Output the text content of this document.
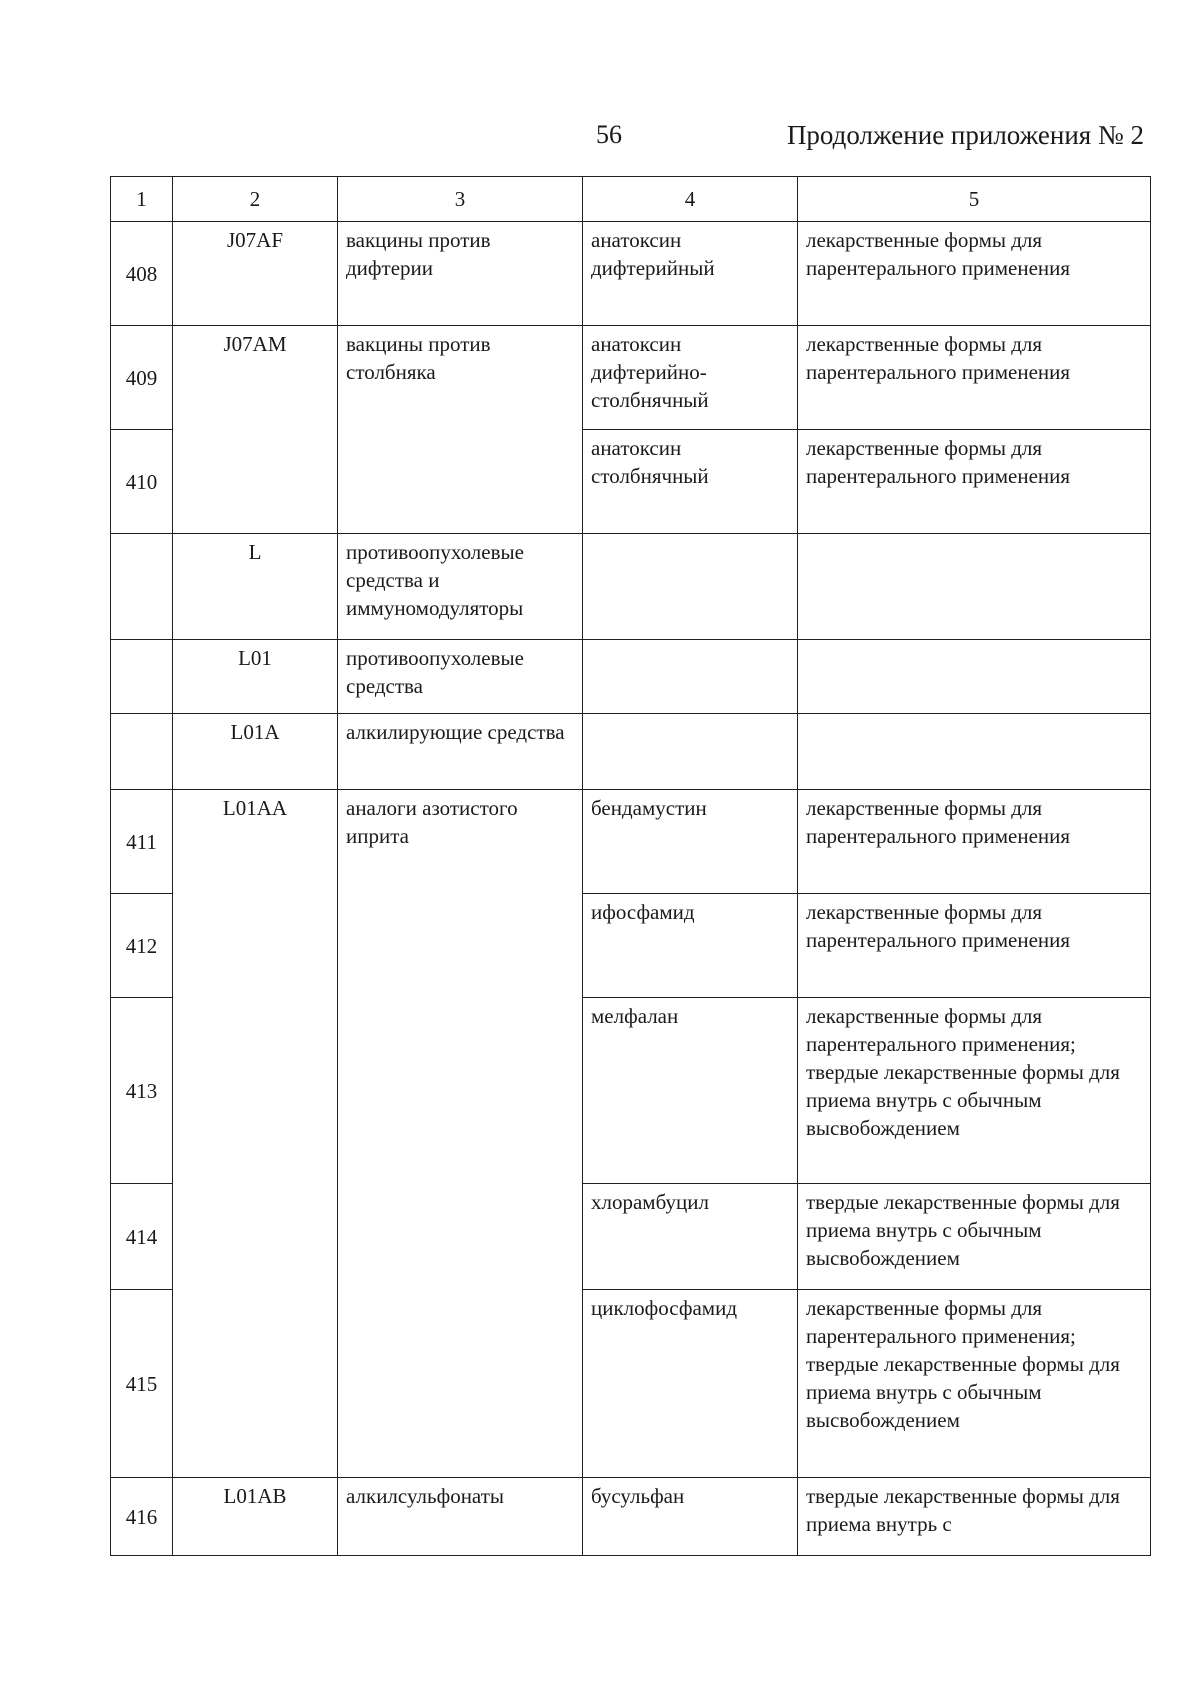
56	Продолжение приложения № 2
1	2	3	4	5
408	J07AF	вакцины против дифтерии	анатоксин дифтерийный	лекарственные формы для парентерального применения
409	J07AM	вакцины против столбняка	анатоксин дифтерийно-столбнячный	лекарственные формы для парентерального применения
410			анатоксин столбнячный	лекарственные формы для парентерального применения
	L	противоопухолевые средства и иммуномодуляторы		
	L01	противоопухолевые средства		
	L01A	алкилирующие средства		
411	L01AA	аналоги азотистого иприта	бендамустин	лекарственные формы для парентерального применения
412			ифосфамид	лекарственные формы для парентерального применения
413			мелфалан	лекарственные формы для парентерального применения;
твердые лекарственные формы для приема внутрь с обычным высвобождением

414			хлорамбуцил	твердые лекарственные формы для приема внутрь с обычным высвобождением
415			циклофосфамид	лекарственные формы для парентерального применения;
твердые лекарственные формы для приема внутрь с обычным высвобождением

416	L01AB	алкилсульфонаты	бусульфан	твердые лекарственные формы для приема внутрь с
